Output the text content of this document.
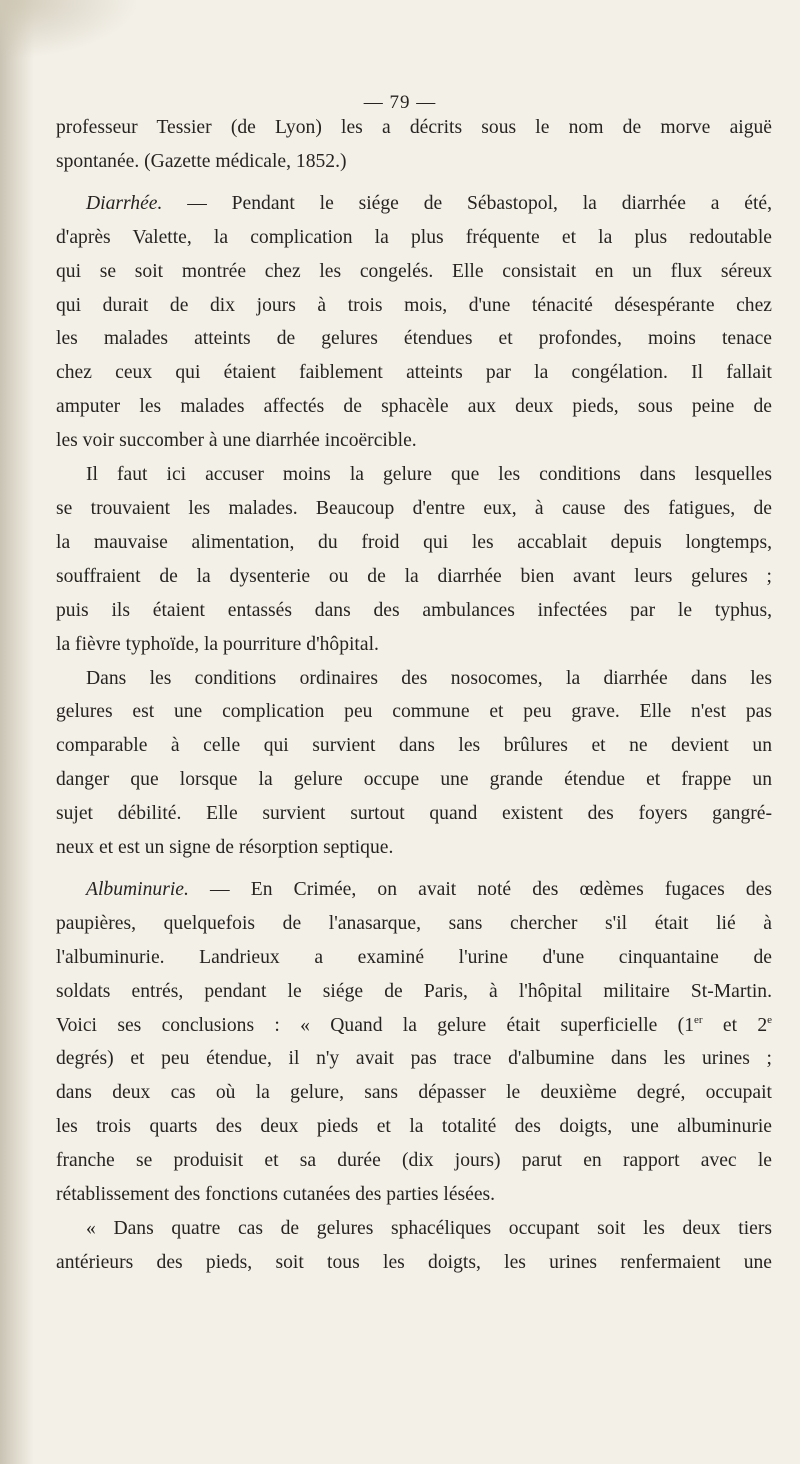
— 79 —

professeur Tessier (de Lyon) les a décrits sous le nom de morve aiguë
spontanée. (Gazette médicale, 1852.)

Diarrhée. — Pendant le siége de Sébastopol, la diarrhée a été,
d'après Valette, la complication la plus fréquente et la plus redoutable
qui se soit montrée chez les congelés. Elle consistait en un flux séreux
qui durait de dix jours à trois mois, d'une ténacité désespérante chez
les malades atteints de gelures étendues et profondes, moins tenace
chez ceux qui étaient faiblement atteints par la congélation. Il fallait
amputer les malades affectés de sphacèle aux deux pieds, sous peine de
les voir succomber à une diarrhée incoërcible.

Il faut ici accuser moins la gelure que les conditions dans lesquelles
se trouvaient les malades. Beaucoup d'entre eux, à cause des fatigues, de
la mauvaise alimentation, du froid qui les accablait depuis longtemps,
souffraient de la dysenterie ou de la diarrhée bien avant leurs gelures ;
puis ils étaient entassés dans des ambulances infectées par le typhus,
la fièvre typhoïde, la pourriture d'hôpital.

Dans les conditions ordinaires des nosocomes, la diarrhée dans les
gelures est une complication peu commune et peu grave. Elle n'est pas
comparable à celle qui survient dans les brûlures et ne devient un
danger que lorsque la gelure occupe une grande étendue et frappe un
sujet débilité. Elle survient surtout quand existent des foyers gangré-
neux et est un signe de résorption septique.

Albuminurie. — En Crimée, on avait noté des œdèmes fugaces des
paupières, quelquefois de l'anasarque, sans chercher s'il était lié à
l'albuminurie. Landrieux a examiné l'urine d'une cinquantaine de
soldats entrés, pendant le siége de Paris, à l'hôpital militaire St-Martin.
Voici ses conclusions : « Quand la gelure était superficielle (1er et 2e
degrés) et peu étendue, il n'y avait pas trace d'albumine dans les urines ;
dans deux cas où la gelure, sans dépasser le deuxième degré, occupait
les trois quarts des deux pieds et la totalité des doigts, une albuminurie
franche se produisit et sa durée (dix jours) parut en rapport avec le
rétablissement des fonctions cutanées des parties lésées.

« Dans quatre cas de gelures sphacéliques occupant soit les deux tiers
antérieurs des pieds, soit tous les doigts, les urines renfermaient une
